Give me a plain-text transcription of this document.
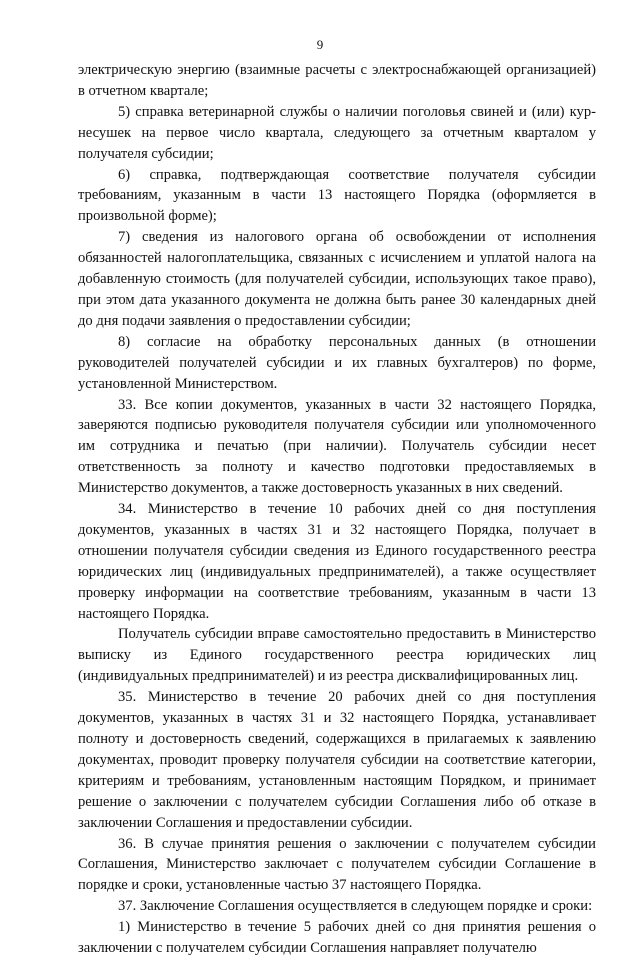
9

электрическую энергию (взаимные расчеты с электроснабжающей организацией) в отчетном квартале;

5) справка ветеринарной службы о наличии поголовья свиней и (или) кур-несушек на первое число квартала, следующего за отчетным кварталом у получателя субсидии;

6) справка, подтверждающая соответствие получателя субсидии требованиям, указанным в части 13 настоящего Порядка (оформляется в произвольной форме);

7) сведения из налогового органа об освобождении от исполнения обязанностей налогоплательщика, связанных с исчислением и уплатой налога на добавленную стоимость (для получателей субсидии, использующих такое право), при этом дата указанного документа не должна быть ранее 30 календарных дней до дня подачи заявления о предоставлении субсидии;

8) согласие на обработку персональных данных (в отношении руководителей получателей субсидии и их главных бухгалтеров) по форме, установленной Министерством.

33. Все копии документов, указанных в части 32 настоящего Порядка, заверяются подписью руководителя получателя субсидии или уполномоченного им сотрудника и печатью (при наличии). Получатель субсидии несет ответственность за полноту и качество подготовки предоставляемых в Министерство документов, а также достоверность указанных в них сведений.

34. Министерство в течение 10 рабочих дней со дня поступления документов, указанных в частях 31 и 32 настоящего Порядка, получает в отношении получателя субсидии сведения из Единого государственного реестра юридических лиц (индивидуальных предпринимателей), а также осуществляет проверку информации на соответствие требованиям, указанным в части 13 настоящего Порядка.

Получатель субсидии вправе самостоятельно предоставить в Министерство выписку из Единого государственного реестра юридических лиц (индивидуальных предпринимателей) и из реестра дисквалифицированных лиц.

35. Министерство в течение 20 рабочих дней со дня поступления документов, указанных в частях 31 и 32 настоящего Порядка, устанавливает полноту и достоверность сведений, содержащихся в прилагаемых к заявлению документах, проводит проверку получателя субсидии на соответствие категории, критериям и требованиям, установленным настоящим Порядком, и принимает решение о заключении с получателем субсидии Соглашения либо об отказе в заключении Соглашения и предоставлении субсидии.

36. В случае принятия решения о заключении с получателем субсидии Соглашения, Министерство заключает с получателем субсидии Соглашение в порядке и сроки, установленные частью 37 настоящего Порядка.

37. Заключение Соглашения осуществляется в следующем порядке и сроки:

1) Министерство в течение 5 рабочих дней со дня принятия решения о заключении с получателем субсидии Соглашения направляет получателю
